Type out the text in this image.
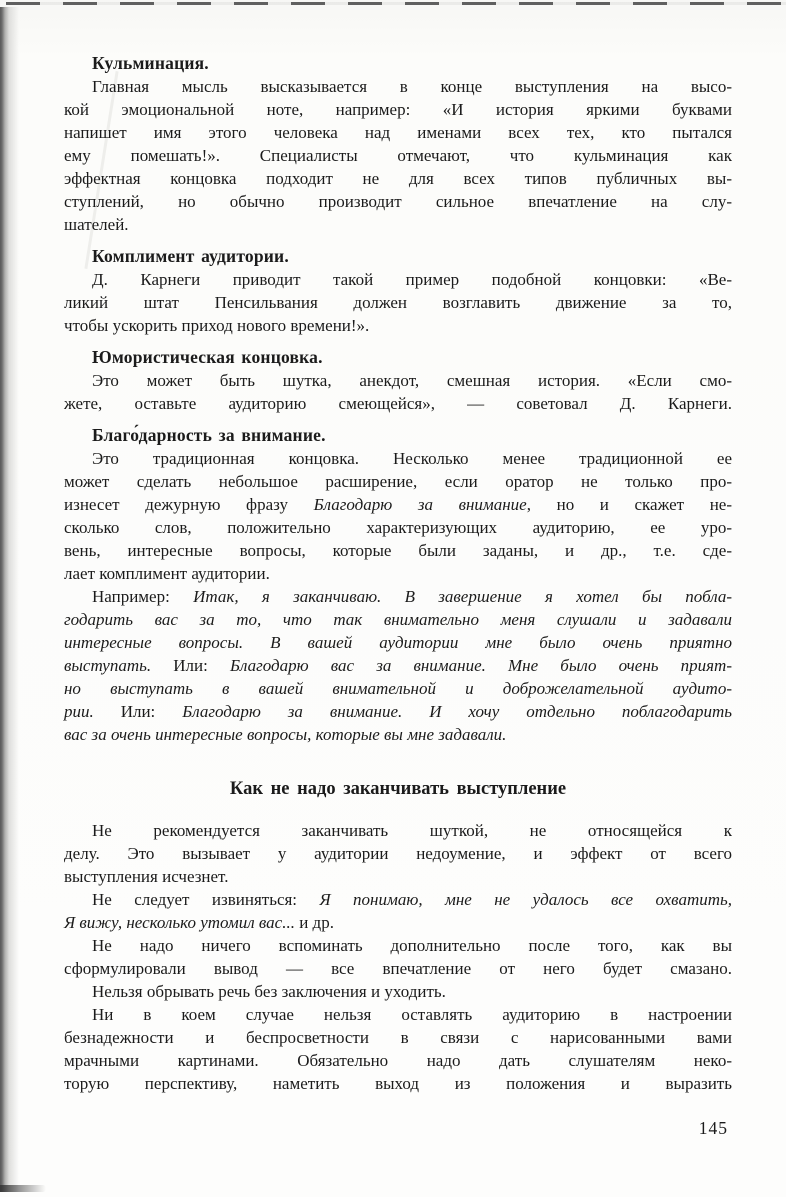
Кульминация.
Главная мысль высказывается в конце выступления на высо-
кой эмоциональной ноте, например: «И история яркими буквами
напишет имя этого человека над именами всех тех, кто пытался
ему помешать!». Специалисты отмечают, что кульминация как
эффектная концовка подходит не для всех типов публичных вы-
ступлений, но обычно производит сильное впечатление на слу-
шателей.
Комплимент аудитории.
Д. Карнеги приводит такой пример подобной концовки: «Ве-
ликий штат Пенсильвания должен возглавить движение за то,
чтобы ускорить приход нового времени!».
Юмористическая концовка.
Это может быть шутка, анекдот, смешная история. «Если смо-
жете, оставьте аудиторию смеющейся», — советовал Д. Карнеги.
Благо́дарность за внимание.
Это традиционная концовка. Несколько менее традиционной ее
может сделать небольшое расширение, если оратор не только про-
изнесет дежурную фразу Благодарю за внимание, но и скажет не-
сколько слов, положительно характеризующих аудиторию, ее уро-
вень, интересные вопросы, которые были заданы, и др., т.е. сде-
лает комплимент аудитории.
Например: Итак, я заканчиваю. В завершение я хотел бы побла-
годарить вас за то, что так внимательно меня слушали и задавали
интересные вопросы. В вашей аудитории мне было очень приятно
выступать. Или: Благодарю вас за внимание. Мне было очень прият-
но выступать в вашей внимательной и доброжелательной аудито-
рии. Или: Благодарю за внимание. И хочу отдельно поблагодарить
вас за очень интересные вопросы, которые вы мне задавали.
Как не надо заканчивать выступление
Не рекомендуется заканчивать шуткой, не относящейся к
делу. Это вызывает у аудитории недоумение, и эффект от всего
выступления исчезнет.
Не следует извиняться: Я понимаю, мне не удалось все охватить,
Я вижу, несколько утомил вас... и др.
Не надо ничего вспоминать дополнительно после того, как вы
сформулировали вывод — все впечатление от него будет смазано.
Нельзя обрывать речь без заключения и уходить.
Ни в коем случае нельзя оставлять аудиторию в настроении
безнадежности и беспросветности в связи с нарисованными вами
мрачными картинами. Обязательно надо дать слушателям неко-
торую перспективу, наметить выход из положения и выразить
145
